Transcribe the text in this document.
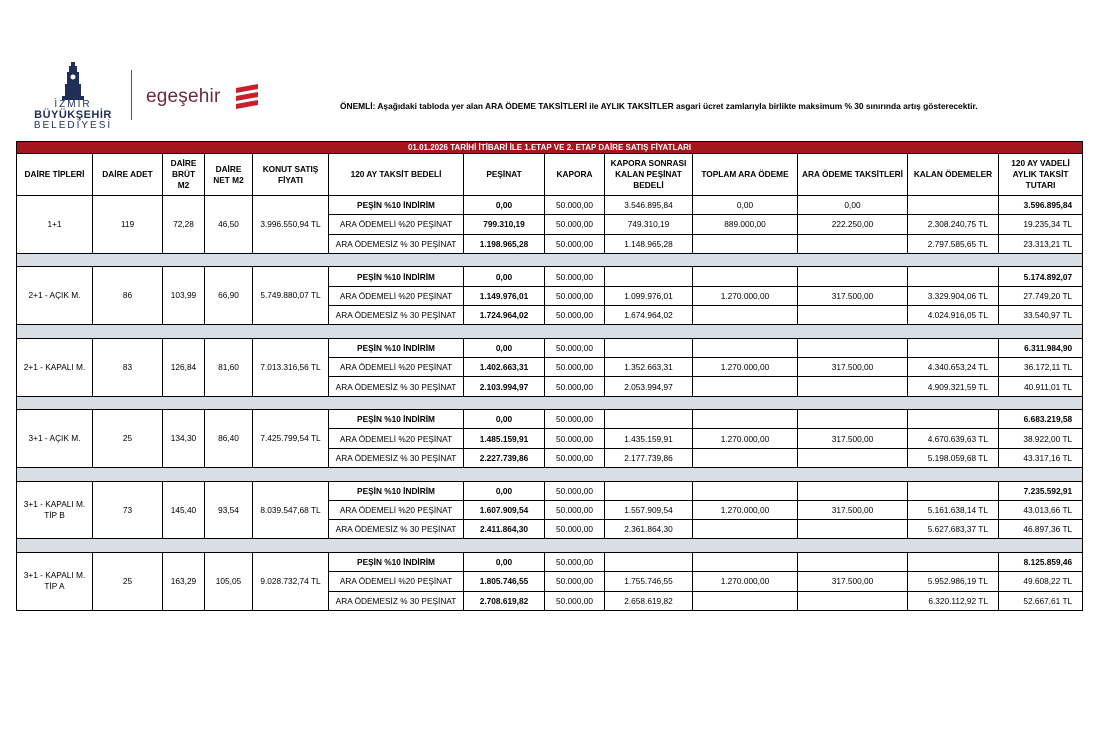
İZMİR
BÜYÜKŞEHİR
BELEDİYESİ
egeşehir	ÖNEMLİ: Aşağıdaki tabloda yer alan ARA ÖDEME TAKSİTLERİ ile AYLIK TAKSİTLER asgari ücret zamlarıyla birlikte maksimum % 30 sınırında artış gösterecektir.
01.01.2026 TARİHİ İTİBARİ İLE 1.ETAP VE 2. ETAP DAİRE SATIŞ FİYATLARI												
DAİRE TİPLERİ	DAİRE ADET	DAİRE BRÜT M2	DAİRE NET M2	KONUT SATIŞ FİYATI	120 AY TAKSİT BEDELİ	PEŞİNAT	KAPORA	KAPORA SONRASI KALAN PEŞİNAT BEDELİ	TOPLAM ARA ÖDEME	ARA ÖDEME TAKSİTLERİ	KALAN ÖDEMELER	120 AY VADELİ AYLIK TAKSİT TUTARI
1+1	119	72,28	46,50	3.996.550,94 TL	PEŞİN %10 İNDİRİM	0,00	50.000,00	3.546.895,84	0,00	0,00		3.596.895,84
					ARA ÖDEMELİ %20 PEŞİNAT	799.310,19	50.000,00	749.310,19	889.000,00	222.250,00	2.308.240,75 TL	19.235,34 TL
					ARA ÖDEMESİZ % 30 PEŞİNAT	1.198.965,28	50.000,00	1.148.965,28			2.797.585,65 TL	23.313,21 TL

2+1 - AÇIK M.	86	103,99	66,90	5.749.880,07 TL	PEŞİN %10 İNDİRİM	0,00	50.000,00					5.174.892,07
					ARA ÖDEMELİ %20 PEŞİNAT	1.149.976,01	50.000,00	1.099.976,01	1.270.000,00	317.500,00	3.329.904,06 TL	27.749,20 TL
					ARA ÖDEMESİZ % 30 PEŞİNAT	1.724.964,02	50.000,00	1.674.964,02			4.024.916,05 TL	33.540,97 TL

2+1 - KAPALI M.	83	126,84	81,60	7.013.316,56 TL	PEŞİN %10 İNDİRİM	0,00	50.000,00					6.311.984,90
					ARA ÖDEMELİ %20 PEŞİNAT	1.402.663,31	50.000,00	1.352.663,31	1.270.000,00	317.500,00	4.340.653,24 TL	36.172,11 TL
					ARA ÖDEMESİZ % 30 PEŞİNAT	2.103.994,97	50.000,00	2.053.994,97			4.909.321,59 TL	40.911,01 TL

3+1 - AÇIK M.	25	134,30	86,40	7.425.799,54 TL	PEŞİN %10 İNDİRİM	0,00	50.000,00					6.683.219,58
					ARA ÖDEMELİ %20 PEŞİNAT	1.485.159,91	50.000,00	1.435.159,91	1.270.000,00	317.500,00	4.670.639,63 TL	38.922,00 TL
					ARA ÖDEMESİZ % 30 PEŞİNAT	2.227.739,86	50.000,00	2.177.739,86			5.198.059,68 TL	43.317,16 TL

3+1 - KAPALI M. TİP B	73	145,40	93,54	8.039.547,68 TL	PEŞİN %10 İNDİRİM	0,00	50.000,00					7.235.592,91
					ARA ÖDEMELİ %20 PEŞİNAT	1.607.909,54	50.000,00	1.557.909,54	1.270.000,00	317.500,00	5.161.638,14 TL	43.013,66 TL
					ARA ÖDEMESİZ % 30 PEŞİNAT	2.411.864,30	50.000,00	2.361.864,30			5.627.683,37 TL	46.897,36 TL

3+1 - KAPALI M. TİP A	25	163,29	105,05	9.028.732,74 TL	PEŞİN %10 İNDİRİM	0,00	50.000,00					8.125.859,46
					ARA ÖDEMELİ %20 PEŞİNAT	1.805.746,55	50.000,00	1.755.746,55	1.270.000,00	317.500,00	5.952.986,19 TL	49.608,22 TL
					ARA ÖDEMESİZ % 30 PEŞİNAT	2.708.619,82	50.000,00	2.658.619,82			6.320.112,92 TL	52.667,61 TL
